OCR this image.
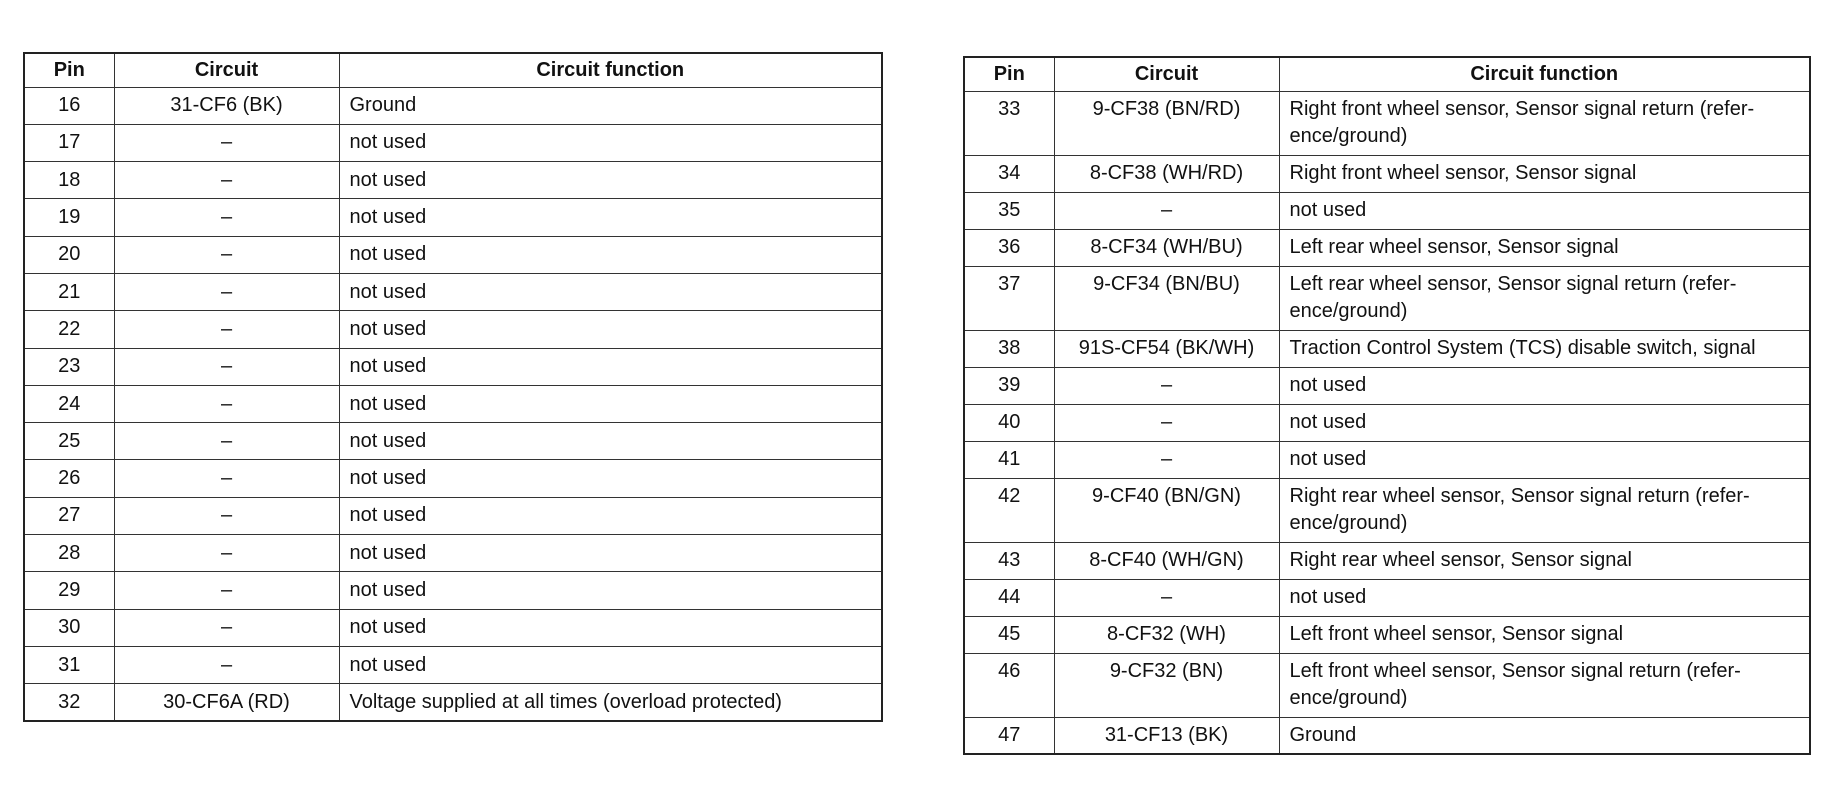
Pin	Circuit	Circuit function
16	31-CF6 (BK)	Ground

17	–	not used

18	–	not used

19	–	not used

20	–	not used

21	–	not used

22	–	not used

23	–	not used

24	–	not used

25	–	not used

26	–	not used

27	–	not used

28	–	not used

29	–	not used

30	–	not used

31	–	not used

32	30-CF6A (RD)	Voltage supplied at all times (overload protected)
Pin	Circuit	Circuit function
33	9-CF38 (BN/RD)	Right front wheel sensor, Sensor signal return (refer-
ence/ground)

34	8-CF38 (WH/RD)	Right front wheel sensor, Sensor signal

35	–	not used

36	8-CF34 (WH/BU)	Left rear wheel sensor, Sensor signal

37	9-CF34 (BN/BU)	Left rear wheel sensor, Sensor signal return (refer-
ence/ground)

38	91S-CF54 (BK/WH)	Traction Control System (TCS) disable switch, signal

39	–	not used

40	–	not used

41	–	not used

42	9-CF40 (BN/GN)	Right rear wheel sensor, Sensor signal return (refer-
ence/ground)

43	8-CF40 (WH/GN)	Right rear wheel sensor, Sensor signal

44	–	not used

45	8-CF32 (WH)	Left front wheel sensor, Sensor signal

46	9-CF32 (BN)	Left front wheel sensor, Sensor signal return (refer-
ence/ground)

47	31-CF13 (BK)	Ground
